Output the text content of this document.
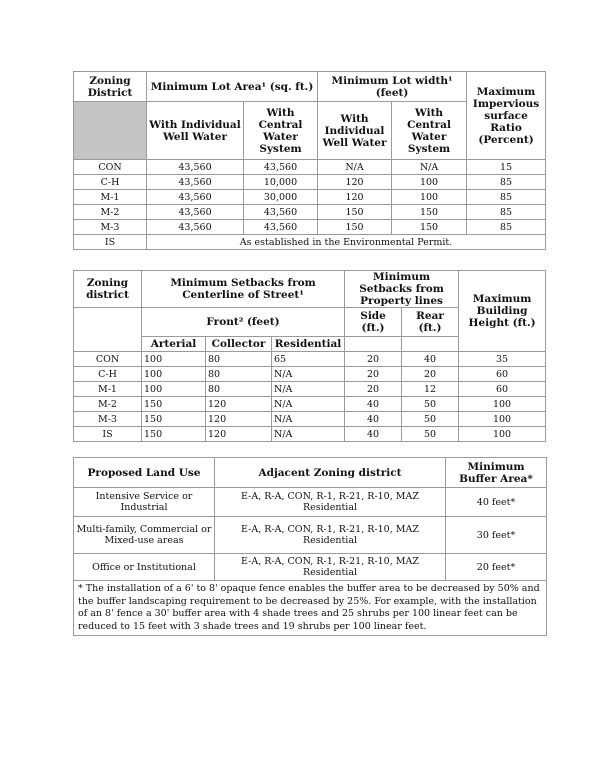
Zoning District	Minimum Lot Area¹ (sq. ft.)		Minimum Lot width¹ (feet)		Maximum Impervious surface Ratio (Percent)
	With Individual Well Water	With Central Water System	With Individual Well Water	With Central Water System	
CON	43,560	43,560	N/A	N/A	15
C-H	43,560	10,000	120	100	85
M-1	43,560	30,000	120	100	85
M-2	43,560	43,560	150	150	85
M-3	43,560	43,560	150	150	85
IS	As established in the Environmental Permit.				
Zoning district	Minimum Setbacks from Centerline of Street¹			Minimum Setbacks from Property lines		Maximum Building Height (ft.)
	Front² (feet)			Side (ft.)	Rear (ft.)	
	Arterial	Collector	Residential			
CON	100	80	65	20	40	35
C-H	100	80	N/A	20	20	60
M-1	100	80	N/A	20	12	60
M-2	150	120	N/A	40	50	100
M-3	150	120	N/A	40	50	100
IS	150	120	N/A	40	50	100
Proposed Land Use	Adjacent Zoning district	Minimum Buffer Area*
Intensive Service or Industrial	E-A, R-A, CON, R-1, R-21, R-10, MAZ Residential	40 feet*
Multi-family, Commercial or Mixed-use areas	E-A, R-A, CON, R-1, R-21, R-10, MAZ Residential	30 feet*
Office or Institutional	E-A, R-A, CON, R-1, R-21, R-10, MAZ Residential	20 feet*
* The installation of a 6' to 8' opaque fence enables the buffer area to be decreased by 50% and the buffer landscaping requirement to be decreased by 25%. For example, with the installation of an 8' fence a 30' buffer area with 4 shade trees and 25 shrubs per 100 linear feet can be reduced to 15 feet with 3 shade trees and 19 shrubs per 100 linear feet.		
